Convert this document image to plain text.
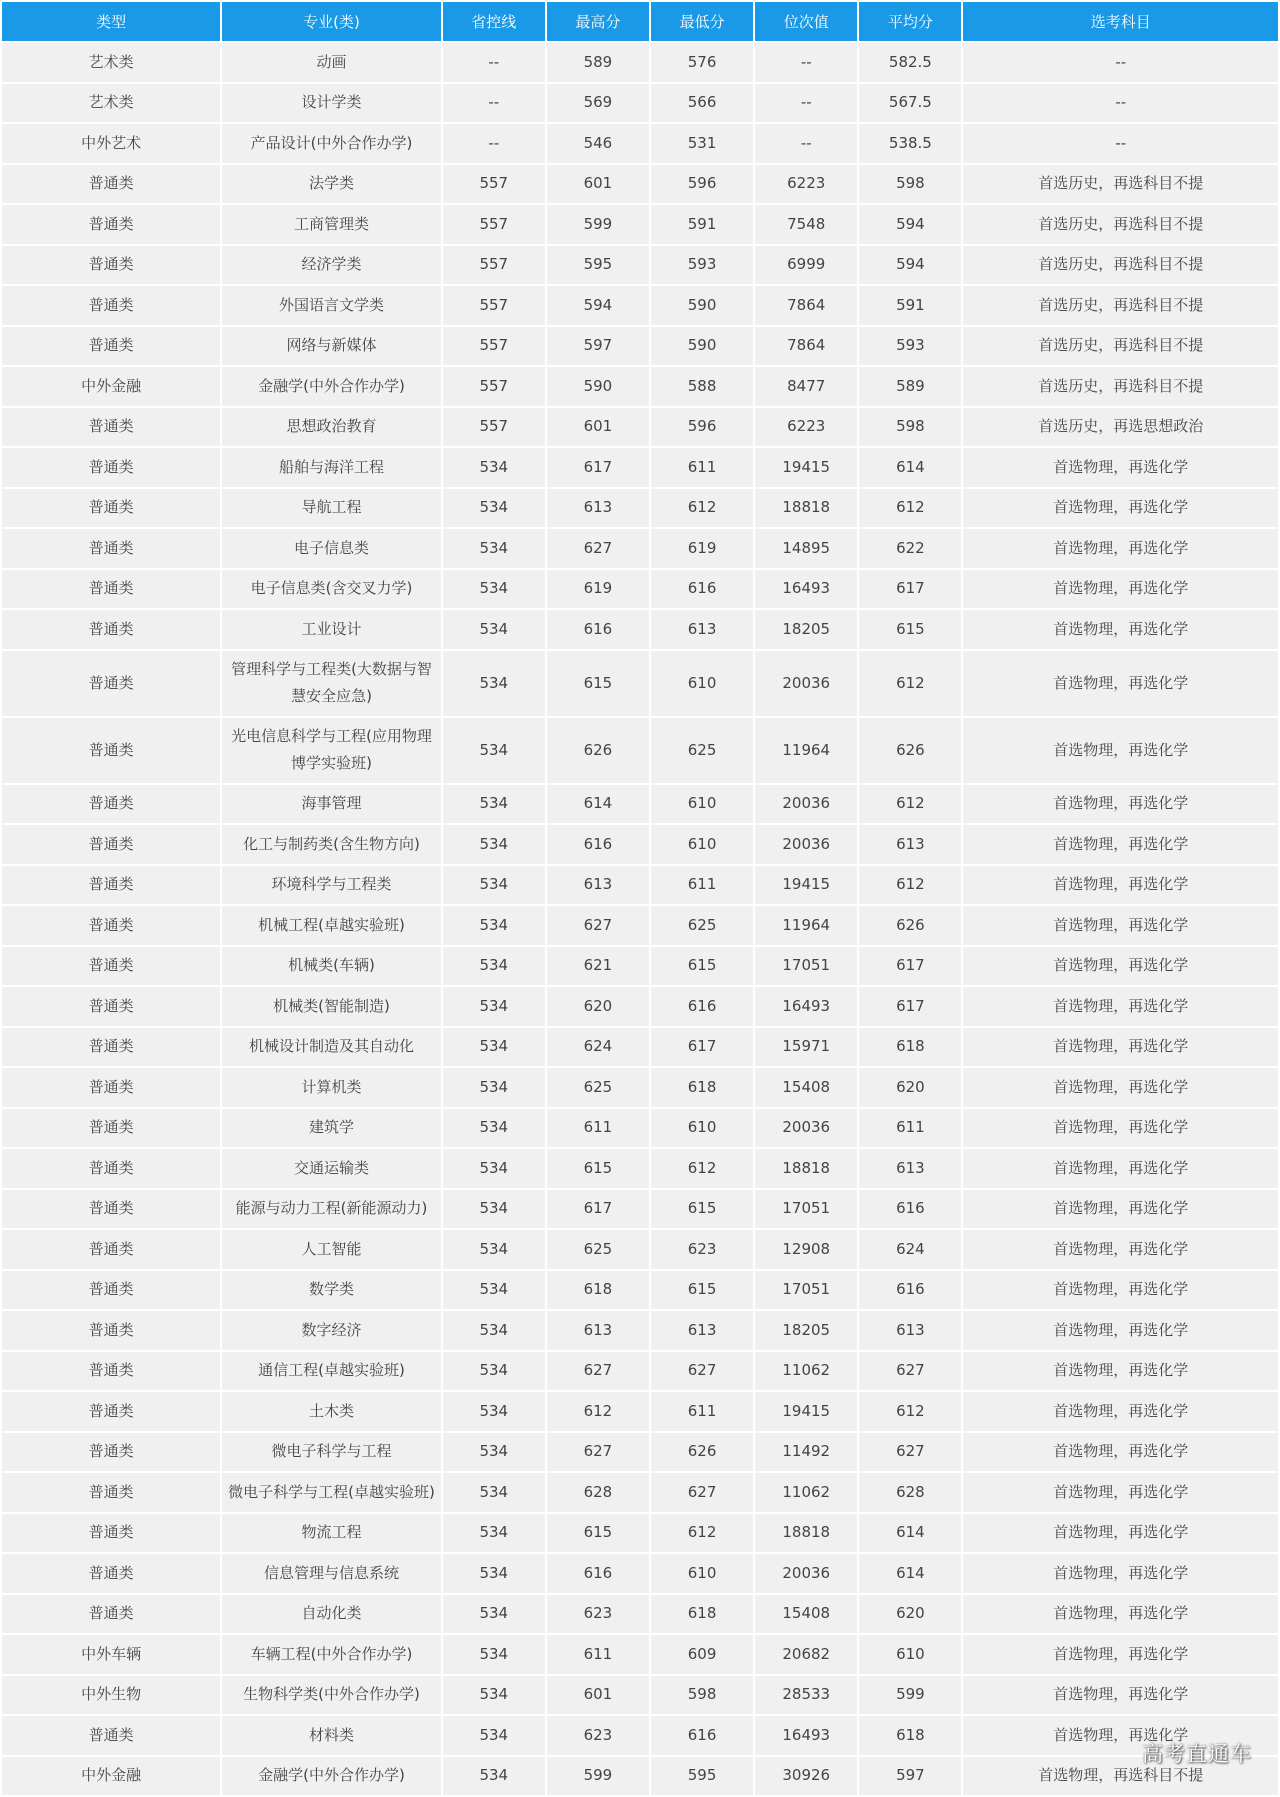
类型	专业(类)	省控线	最高分	最低分	位次值	平均分	选考科目
艺术类	动画	--	589	576	--	582.5	--
艺术类	设计学类	--	569	566	--	567.5	--
中外艺术	产品设计(中外合作办学)	--	546	531	--	538.5	--
普通类	法学类	557	601	596	6223	598	首选历史，再选科目不提
普通类	工商管理类	557	599	591	7548	594	首选历史，再选科目不提
普通类	经济学类	557	595	593	6999	594	首选历史，再选科目不提
普通类	外国语言文学类	557	594	590	7864	591	首选历史，再选科目不提
普通类	网络与新媒体	557	597	590	7864	593	首选历史，再选科目不提
中外金融	金融学(中外合作办学)	557	590	588	8477	589	首选历史，再选科目不提
普通类	思想政治教育	557	601	596	6223	598	首选历史，再选思想政治
普通类	船舶与海洋工程	534	617	611	19415	614	首选物理，再选化学
普通类	导航工程	534	613	612	18818	612	首选物理，再选化学
普通类	电子信息类	534	627	619	14895	622	首选物理，再选化学
普通类	电子信息类(含交叉力学)	534	619	616	16493	617	首选物理，再选化学
普通类	工业设计	534	616	613	18205	615	首选物理，再选化学
普通类	管理科学与工程类(大数据与智慧安全应急)	534	615	610	20036	612	首选物理，再选化学
普通类	光电信息科学与工程(应用物理博学实验班)	534	626	625	11964	626	首选物理，再选化学
普通类	海事管理	534	614	610	20036	612	首选物理，再选化学
普通类	化工与制药类(含生物方向)	534	616	610	20036	613	首选物理，再选化学
普通类	环境科学与工程类	534	613	611	19415	612	首选物理，再选化学
普通类	机械工程(卓越实验班)	534	627	625	11964	626	首选物理，再选化学
普通类	机械类(车辆)	534	621	615	17051	617	首选物理，再选化学
普通类	机械类(智能制造)	534	620	616	16493	617	首选物理，再选化学
普通类	机械设计制造及其自动化	534	624	617	15971	618	首选物理，再选化学
普通类	计算机类	534	625	618	15408	620	首选物理，再选化学
普通类	建筑学	534	611	610	20036	611	首选物理，再选化学
普通类	交通运输类	534	615	612	18818	613	首选物理，再选化学
普通类	能源与动力工程(新能源动力)	534	617	615	17051	616	首选物理，再选化学
普通类	人工智能	534	625	623	12908	624	首选物理，再选化学
普通类	数学类	534	618	615	17051	616	首选物理，再选化学
普通类	数字经济	534	613	613	18205	613	首选物理，再选化学
普通类	通信工程(卓越实验班)	534	627	627	11062	627	首选物理，再选化学
普通类	土木类	534	612	611	19415	612	首选物理，再选化学
普通类	微电子科学与工程	534	627	626	11492	627	首选物理，再选化学
普通类	微电子科学与工程(卓越实验班)	534	628	627	11062	628	首选物理，再选化学
普通类	物流工程	534	615	612	18818	614	首选物理，再选化学
普通类	信息管理与信息系统	534	616	610	20036	614	首选物理，再选化学
普通类	自动化类	534	623	618	15408	620	首选物理，再选化学
中外车辆	车辆工程(中外合作办学)	534	611	609	20682	610	首选物理，再选化学
中外生物	生物科学类(中外合作办学)	534	601	598	28533	599	首选物理，再选化学
普通类	材料类	534	623	616	16493	618	首选物理，再选化学
中外金融	金融学(中外合作办学)	534	599	595	30926	597	首选物理，再选科目不提
高考直通车
